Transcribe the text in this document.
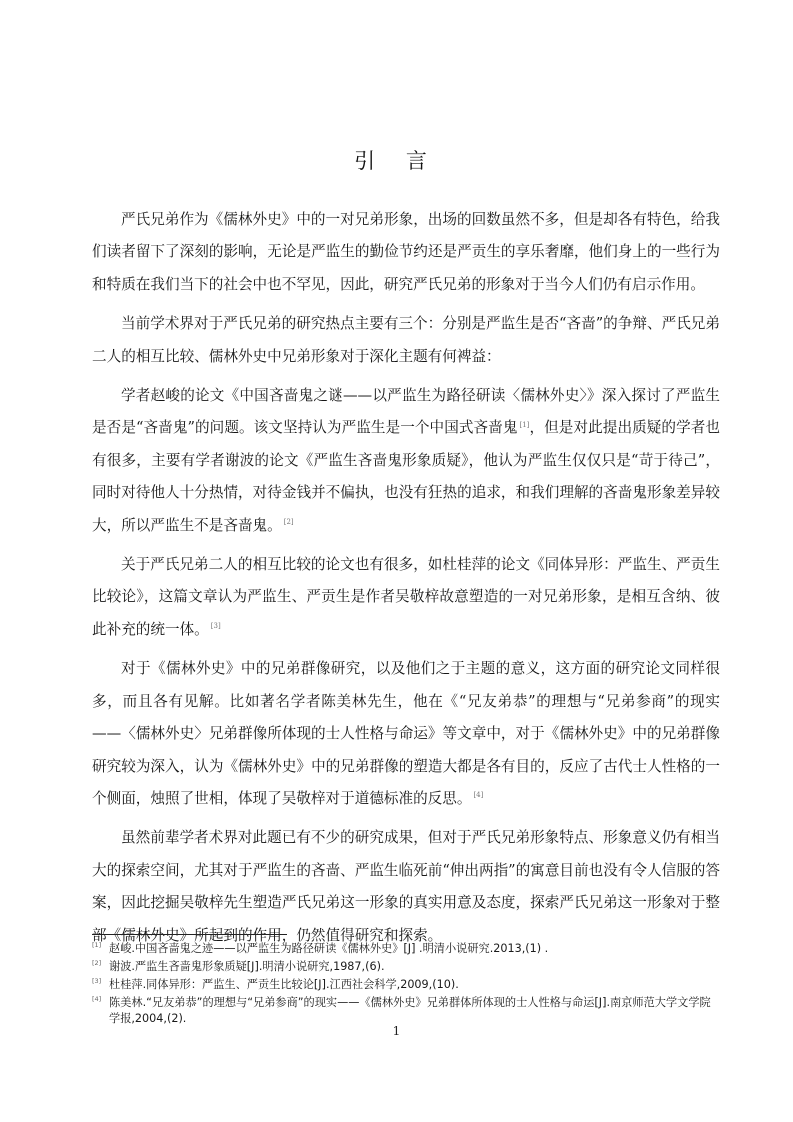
引 言

严氏兄弟作为《儒林外史》中的一对兄弟形象，出场的回数虽然不多，但是却各有特色，给我们读者留下了深刻的影响，无论是严监生的勤俭节约还是严贡生的享乐奢靡，他们身上的一些行为和特质在我们当下的社会中也不罕见，因此，研究严氏兄弟的形象对于当今人们仍有启示作用。

当前学术界对于严氏兄弟的研究热点主要有三个：分别是严监生是否“吝啬”的争辩、严氏兄弟二人的相互比较、儒林外史中兄弟形象对于深化主题有何裨益：

学者赵峻的论文《中国吝啬鬼之谜——以严监生为路径研读〈儒林外史〉》深入探讨了严监生是否是“吝啬鬼”的问题。该文坚持认为严监生是一个中国式吝啬鬼 [1]，但是对此提出质疑的学者也有很多，主要有学者谢波的论文《严监生吝啬鬼形象质疑》，他认为严监生仅仅只是“苛于待己”，同时对待他人十分热情，对待金钱并不偏执，也没有狂热的追求，和我们理解的吝啬鬼形象差异较大，所以严监生不是吝啬鬼。 [2]

关于严氏兄弟二人的相互比较的论文也有很多，如杜桂萍的论文《同体异形：严监生、严贡生比较论》，这篇文章认为严监生、严贡生是作者吴敬梓故意塑造的一对兄弟形象，是相互含纳、彼此补充的统一体。 [3]

对于《儒林外史》中的兄弟群像研究，以及他们之于主题的意义，这方面的研究论文同样很多，而且各有见解。比如著名学者陈美林先生，他在《“兄友弟恭”的理想与“兄弟参商”的现实——〈儒林外史〉兄弟群像所体现的士人性格与命运》等文章中，对于《儒林外史》中的兄弟群像研究较为深入，认为《儒林外史》中的兄弟群像的塑造大都是各有目的，反应了古代士人性格的一个侧面，烛照了世相，体现了吴敬梓对于道德标准的反思。 [4]

虽然前辈学者术界对此题已有不少的研究成果，但对于严氏兄弟形象特点、形象意义仍有相当大的探索空间，尤其对于严监生的吝啬、严监生临死前“伸出两指”的寓意目前也没有令人信服的答案，因此挖掘吴敬梓先生塑造严氏兄弟这一形象的真实用意及态度，探索严氏兄弟这一形象对于整部《儒林外史》所起到的作用，仍然值得研究和探索。

[1] 赵峻.中国吝啬鬼之迹——以严监生为路径研读《儒林外史》[J] .明清小说研究.2013,(1) .
[2] 谢波.严监生吝啬鬼形象质疑[J].明清小说研究,1987,(6).
[3] 杜桂萍.同体异形：严监生、严贡生比较论[J].江西社会科学,2009,(10).
[4] 陈美林.“兄友弟恭”的理想与“兄弟参商”的现实——《儒林外史》兄弟群体所体现的士人性格与命运[J].南京师范大学文学院学报,2004,(2).
1
